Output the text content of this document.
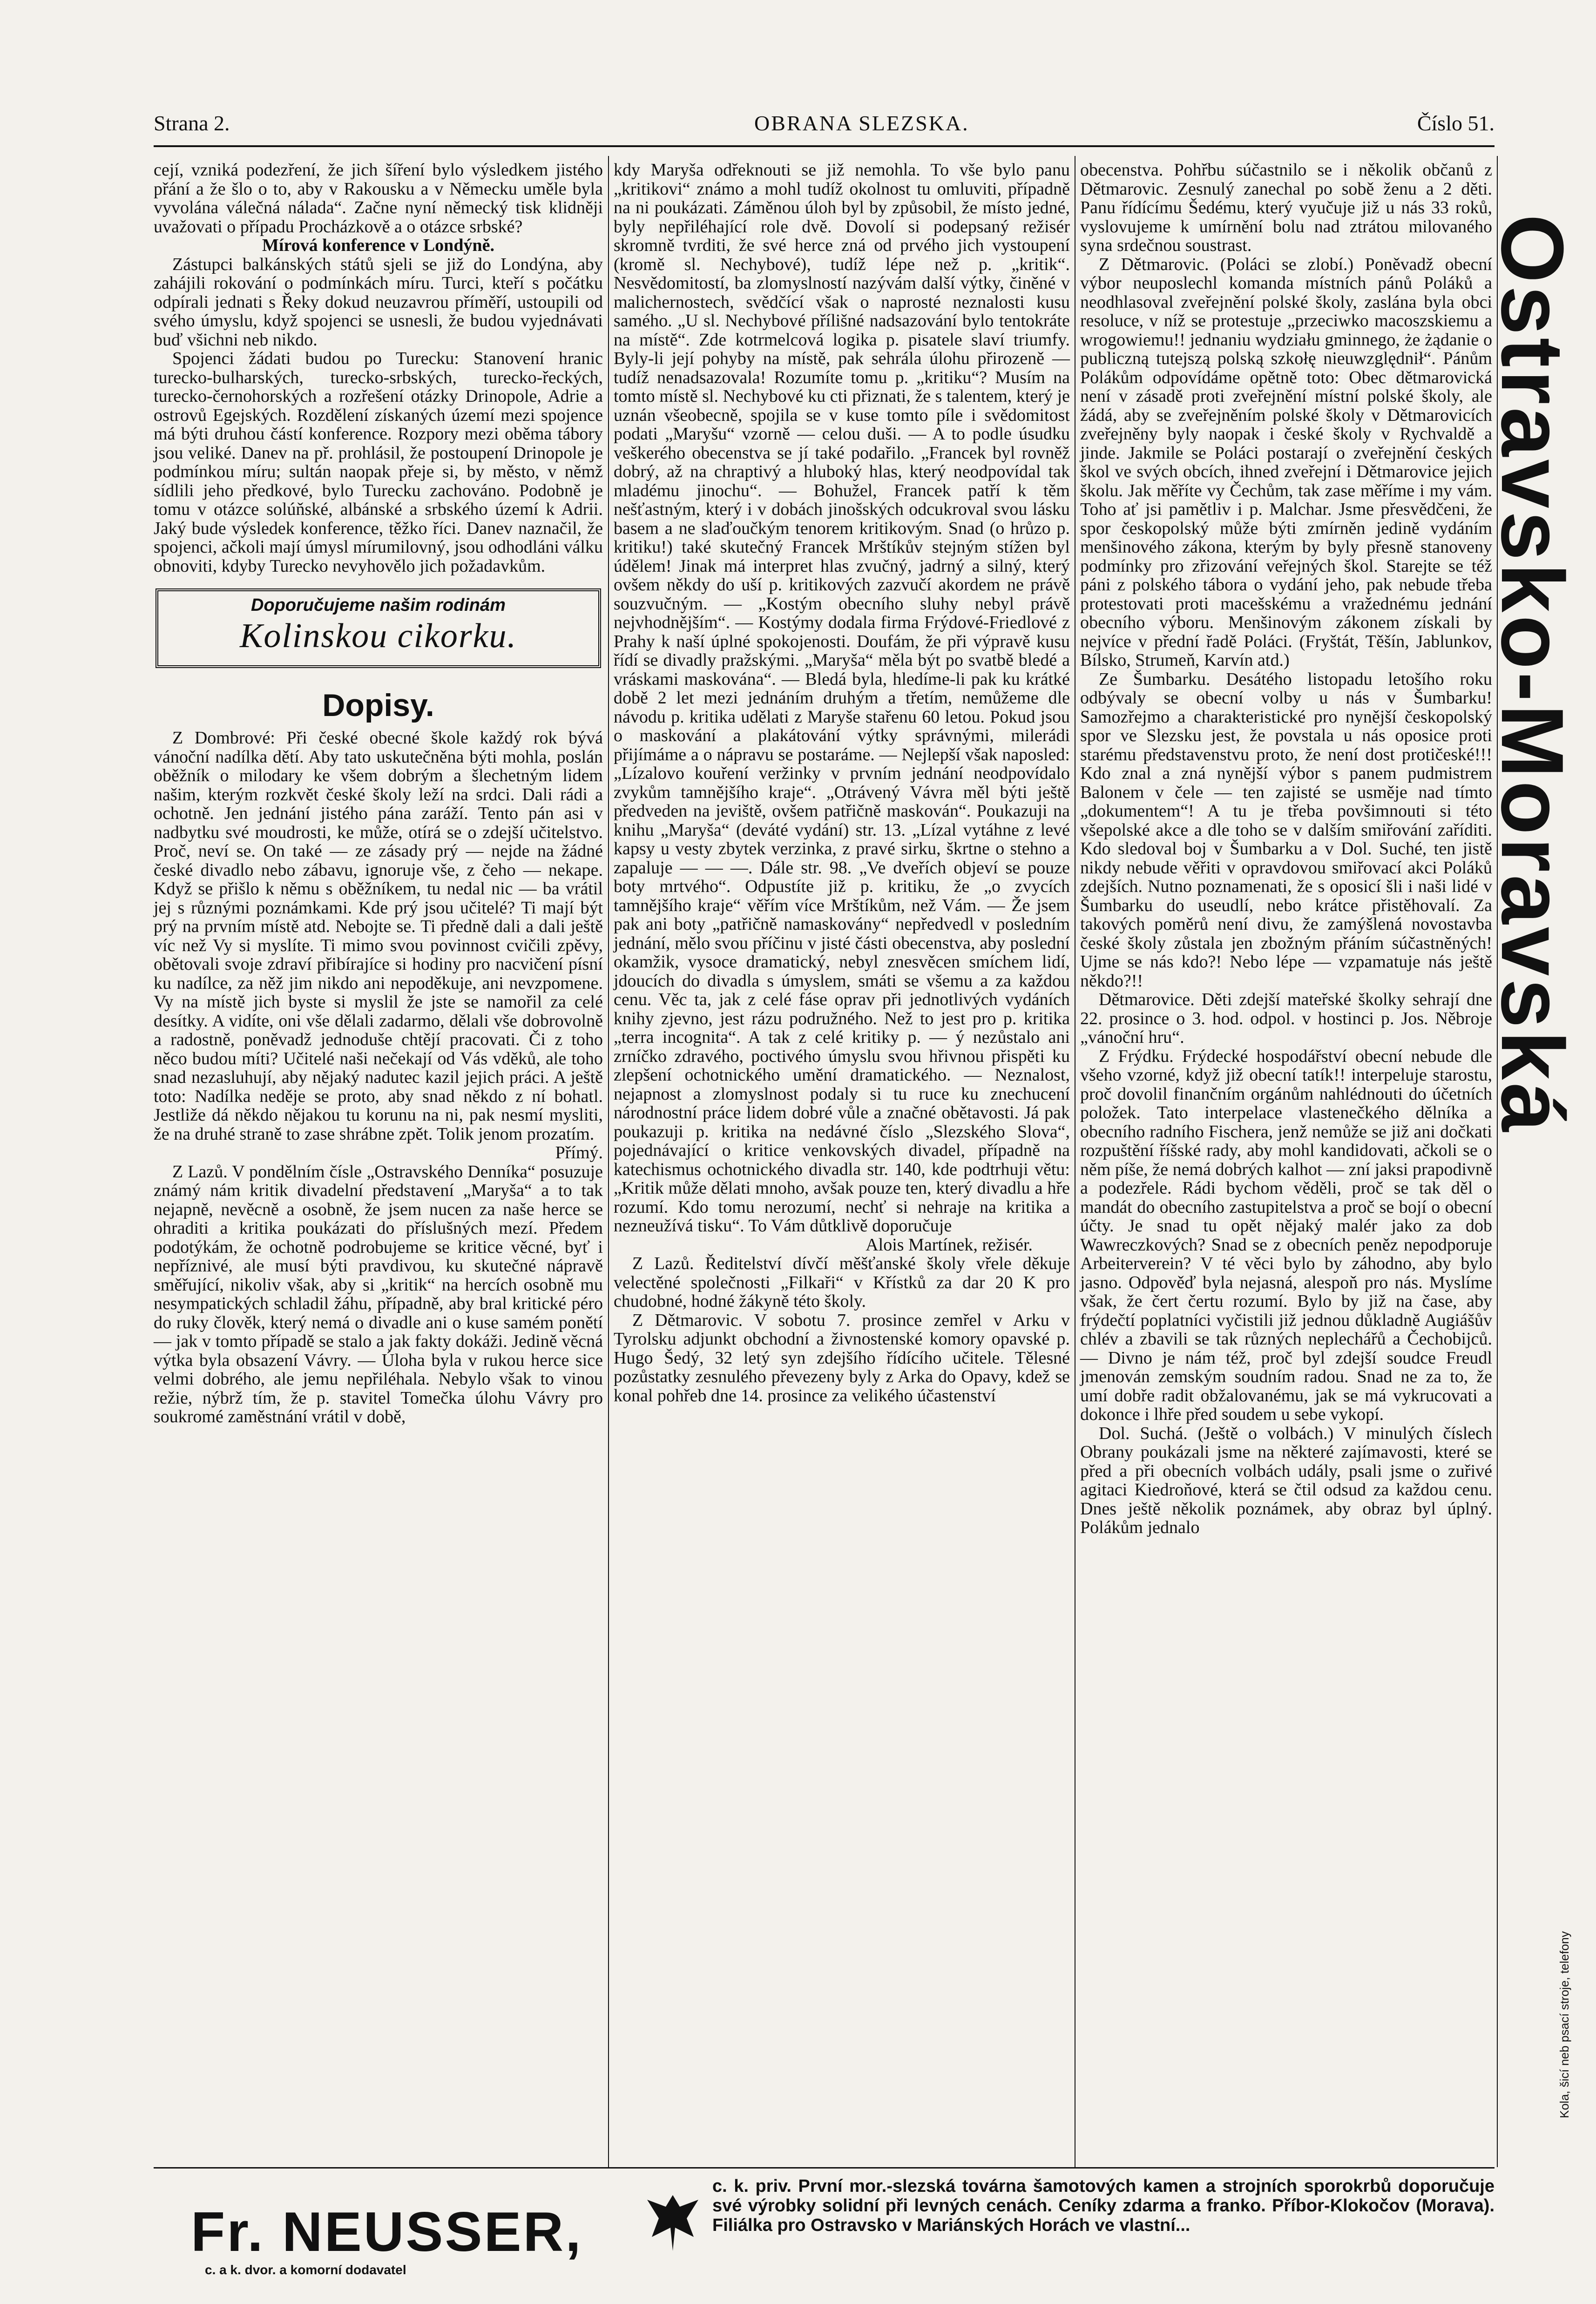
Strana 2.	OBRANA SLEZSKA.	Číslo 51.

cejí, vzniká podezření, že jich šíření bylo výsledkem jistého přání a že šlo o to, aby v Rakousku a v Německu uměle byla vyvolána válečná nálada“. Začne nyní německý tisk klidněji uvažovati o případu Procházkově a o otázce srbské?

Mírová konference v Londýně.

Zástupci balkánských států sjeli se již do Londýna, aby zahájili rokování o podmínkách míru. Turci, kteří s počátku odpírali jednati s Řeky dokud neuzavrou příměří, ustoupili od svého úmyslu, když spojenci se usnesli, že budou vyjednávati buď všichni neb nikdo.

Spojenci žádati budou po Turecku: Stanovení hranic turecko-bulharských, turecko-srbských, turecko-řeckých, turecko-černohorských a rozřešení otázky Drinopole, Adrie a ostrovů Egejských. Rozdělení získaných území mezi spojence má býti druhou částí konference. Rozpory mezi oběma tábory jsou veliké. Danev na př. prohlásil, že postoupení Drinopole je podmínkou míru; sultán naopak přeje si, by město, v němž sídlili jeho předkové, bylo Turecku zachováno. Podobně je tomu v otázce solúňské, albánské a srbského území k Adrii. Jaký bude výsledek konference, těžko říci. Danev naznačil, že spojenci, ačkoli mají úmysl mírumilovný, jsou odhodláni válku obnoviti, kdyby Turecko nevyhovělo jich požadavkům.

Doporučujeme našim rodinám
Kolinskou cikorku.
Dopisy.

Z Dombrové: Při české obecné škole každý rok bývá vánoční nadílka dětí. Aby tato uskutečněna býti mohla, poslán oběžník o milodary ke všem dobrým a šlechetným lidem našim, kterým rozkvět české školy leží na srdci. Dali rádi a ochotně. Jen jednání jistého pána zaráží. Tento pán asi v nadbytku své moudrosti, ke může, otírá se o zdejší učitelstvo. Proč, neví se. On také — ze zásady prý — nejde na žádné české divadlo nebo zábavu, ignoruje vše, z čeho — nekape. Když se přišlo k němu s oběžníkem, tu nedal nic — ba vrátil jej s různými poznámkami. Kde prý jsou učitelé? Ti mají být prý na prvním místě atd. Nebojte se. Ti předně dali a dali ještě víc než Vy si myslíte. Ti mimo svou povinnost cvičili zpěvy, obětovali svoje zdraví přibírajíce si hodiny pro nacvičení písní ku nadílce, za něž jim nikdo ani nepoděkuje, ani nevzpomene. Vy na místě jich byste si myslil že jste se namořil za celé desítky. A vidíte, oni vše dělali zadarmo, dělali vše dobrovolně a radostně, poněvadž jednoduše chtějí pracovati. Či z toho něco budou míti? Učitelé naši nečekají od Vás vděků, ale toho snad nezasluhují, aby nějaký nadutec kazil jejich práci. A ještě toto: Nadílka neděje se proto, aby snad někdo z ní bohatl. Jestliže dá někdo nějakou tu korunu na ni, pak nesmí mysliti, že na druhé straně to zase shrábne zpět. Tolik jenom prozatím.

Přímý.

Z Lazů. V pondělním čísle „Ostravského Denníka“ posuzuje známý nám kritik divadelní představení „Maryša“ a to tak nejapně, nevěcně a osobně, že jsem nucen za naše herce se ohraditi a kritika poukázati do příslušných mezí. Předem podotýkám, že ochotně podrobujeme se kritice věcné, byť i nepříznivé, ale musí býti pravdivou, ku skutečné nápravě směřující, nikoliv však, aby si „kritik“ na hercích osobně mu nesympatických schladil žáhu, případně, aby bral kritické péro do ruky člověk, který nemá o divadle ani o kuse samém ponětí — jak v tomto případě se stalo a jak fakty dokáži. Jedině věcná výtka byla obsazení Vávry. — Úloha byla v rukou herce sice velmi dobrého, ale jemu nepřiléhala. Nebylo však to vinou režie, nýbrž tím, že p. stavitel Tomečka úlohu Vávry pro soukromé zaměstnání vrátil v době,

kdy Maryša odřeknouti se již nemohla. To vše bylo panu „kritikovi“ známo a mohl tudíž okolnost tu omluviti, případně na ni poukázati. Záměnou úloh byl by způsobil, že místo jedné, byly nepřiléhající role dvě. Dovolí si podepsaný režisér skromně tvrditi, že své herce zná od prvého jich vystoupení (kromě sl. Nechybové), tudíž lépe než p. „kritik“. Nesvědomitostí, ba zlomyslností nazývám další výtky, činěné v malichernostech, svědčící však o naprosté neznalosti kusu samého. „U sl. Nechybové přílišné nadsazování bylo tentokráte na místě“. Zde kotrmelcová logika p. pisatele slaví triumfy. Byly-li její pohyby na místě, pak sehrála úlohu přirozeně — tudíž nenadsazovala! Rozumíte tomu p. „kritiku“? Musím na tomto místě sl. Nechybové ku cti přiznati, že s talentem, který je uznán všeobecně, spojila se v kuse tomto píle i svědomitost podati „Maryšu“ vzorně — celou duši. — A to podle úsudku veškerého obecenstva se jí také podařilo. „Francek byl rovněž dobrý, až na chraptivý a hluboký hlas, který neodpovídal tak mladému jinochu“. — Bohužel, Francek patří k těm nešťastným, který i v dobách jinošských odcukroval svou lásku basem a ne slaďoučkým tenorem kritikovým. Snad (o hrůzo p. kritiku!) také skutečný Francek Mrštíkův stejným stížen byl údělem! Jinak má interpret hlas zvučný, jadrný a silný, který ovšem někdy do uší p. kritikových zazvučí akordem ne právě souzvučným. — „Kostým obecního sluhy nebyl právě nejvhodnějším“. — Kostýmy dodala firma Frýdové-Friedlové z Prahy k naší úplné spokojenosti. Doufám, že při výpravě kusu řídí se divadly pražskými. „Maryša“ měla být po svatbě bledé a vráskami maskována“. — Bledá byla, hledíme-li pak ku krátké době 2 let mezi jednáním druhým a třetím, nemůžeme dle návodu p. kritika udělati z Maryše stařenu 60 letou. Pokud jsou o maskování a plakátování výtky správnými, milerádi přijímáme a o nápravu se postaráme. — Nejlepší však naposled: „Lízalovo kouření veržinky v prvním jednání neodpovídalo zvykům tamnějšího kraje“. „Otrávený Vávra měl býti ještě předveden na jeviště, ovšem patřičně maskován“. Poukazuji na knihu „Maryša“ (deváté vydání) str. 13. „Lízal vytáhne z levé kapsy u vesty zbytek verzinka, z pravé sirku, škrtne o stehno a zapaluje — — —. Dále str. 98. „Ve dveřích objeví se pouze boty mrtvého“. Odpustíte již p. kritiku, že „o zvycích tamnějšího kraje“ věřím více Mrštíkům, než Vám. — Že jsem pak ani boty „patřičně namaskovány“ nepředvedl v posledním jednání, mělo svou příčinu v jisté části obecenstva, aby poslední okamžik, vysoce dramatický, nebyl znesvěcen smíchem lidí, jdoucích do divadla s úmyslem, smáti se všemu a za každou cenu. Věc ta, jak z celé fáse oprav při jednotlivých vydáních knihy zjevno, jest rázu podružného. Než to jest pro p. kritika „terra incognita“. A tak z celé kritiky p. — ý nezůstalo ani zrníčko zdravého, poctivého úmyslu svou hřivnou přispěti ku zlepšení ochotnického umění dramatického. — Neznalost, nejapnost a zlomyslnost podaly si tu ruce ku znechucení národnostní práce lidem dobré vůle a značné obětavosti. Já pak poukazuji p. kritika na nedávné číslo „Slezského Slova“, pojednávající o kritice venkovských divadel, případně na katechismus ochotnického divadla str. 140, kde podtrhuji větu: „Kritik může dělati mnoho, avšak pouze ten, který divadlu a hře rozumí. Kdo tomu nerozumí, nechť si nehraje na kritika a nezneužívá tisku“. To Vám důtklivě doporučuje

Alois Martínek, režisér.

Z Lazů. Ředitelství dívčí měšťanské školy vřele děkuje velectěné společnosti „Filkaři“ v Křístků za dar 20 K pro chudobné, hodné žákyně této školy.

Z Dětmarovic. V sobotu 7. prosince zemřel v Arku v Tyrolsku adjunkt obchodní a živnostenské komory opavské p. Hugo Šedý, 32 letý syn zdejšího řídícího učitele. Tělesné pozůstatky zesnulého převezeny byly z Arka do Opavy, kdež se konal pohřeb dne 14. prosince za velikého účastenství

obecenstva. Pohřbu súčastnilo se i několik občanů z Dětmarovic. Zesnulý zanechal po sobě ženu a 2 děti. Panu řídícímu Šedému, který vyučuje již u nás 33 roků, vyslovujeme k umírnění bolu nad ztrátou milovaného syna srdečnou soustrast.

Z Dětmarovic. (Poláci se zlobí.) Poněvadž obecní výbor neuposlechl komanda místních pánů Poláků a neodhlasoval zveřejnění polské školy, zaslána byla obci resoluce, v níž se protestuje „przeciwko macoszskiemu a wrogowiemu!! jednaniu wydziału gminnego, że żądanie o publiczną tutejszą polską szkołę nieuwzględnił“. Pánům Polákům odpovídáme opětně toto: Obec dětmarovická není v zásadě proti zveřejnění místní polské školy, ale žádá, aby se zveřejněním polské školy v Dětmarovicích zveřejněny byly naopak i české školy v Rychvaldě a jinde. Jakmile se Poláci postarají o zveřejnění českých škol ve svých obcích, ihned zveřejní i Dětmarovice jejich školu. Jak měříte vy Čechům, tak zase měříme i my vám. Toho ať jsi pamětliv i p. Malchar. Jsme přesvědčeni, že spor českopolský může býti zmírněn jedině vydáním menšinového zákona, kterým by byly přesně stanoveny podmínky pro zřizování veřejných škol. Starejte se též páni z polského tábora o vydání jeho, pak nebude třeba protestovati proti macešskému a vražednému jednání obecního výboru. Menšinovým zákonem získali by nejvíce v přední řadě Poláci. (Fryštát, Těšín, Jablunkov, Bílsko, Strumeň, Karvín atd.)

Ze Šumbarku. Desátého listopadu letošího roku odbývaly se obecní volby u nás v Šumbarku! Samozřejmo a charakteristické pro nynější českopolský spor ve Slezsku jest, že povstala u nás oposice proti starému představenstvu proto, že není dost protičeské!!! Kdo znal a zná nynější výbor s panem pudmistrem Balonem v čele — ten zajisté se usměje nad tímto „dokumentem“! A tu je třeba povšimnouti si této všepolské akce a dle toho se v dalším smiřování zaříditi. Kdo sledoval boj v Šumbarku a v Dol. Suché, ten jistě nikdy nebude věřiti v opravdovou smiřovací akci Poláků zdejších. Nutno poznamenati, že s oposicí šli i naši lidé v Šumbarku do useudlí, nebo krátce přistěhovalí. Za takových poměrů není divu, že zamýšlená novostavba české školy zůstala jen zbožným přáním súčastněných! Ujme se nás kdo?! Nebo lépe — vzpamatuje nás ještě někdo?!!

Dětmarovice. Děti zdejší mateřské školky sehrají dne 22. prosince o 3. hod. odpol. v hostinci p. Jos. Něbroje „vánoční hru“.

Z Frýdku. Frýdecké hospodářství obecní nebude dle všeho vzorné, když již obecní tatík!! interpeluje starostu, proč dovolil finančním orgánům nahlédnouti do účetních položek. Tato interpelace vlastenečkého dělníka a obecního radního Fischera, jenž nemůže se již ani dočkati rozpuštění říšské rady, aby mohl kandidovati, ačkoli se o něm píše, že nemá dobrých kalhot — zní jaksi prapodivně a podezřele. Rádi bychom věděli, proč se tak děl o mandát do obecního zastupitelstva a proč se bojí o obecní účty. Je snad tu opět nějaký malér jako za dob Wawreczkových? Snad se z obecních peněz nepodporuje Arbeiterverein? V té věci bylo by záhodno, aby bylo jasno. Odpověď byla nejasná, alespoň pro nás. Myslíme však, že čert čertu rozumí. Bylo by již na čase, aby frýdečtí poplatníci vyčistili již jednou důkladně Augiášův chlév a zbavili se tak různých neplechářů a Čechobijců. — Divno je nám též, proč byl zdejší soudce Freudl jmenován zemským soudním radou. Snad ne za to, že umí dobře radit obžalovanému, jak se má vykrucovati a dokonce i lhře před soudem u sebe vykopí.

Dol. Suchá. (Ještě o volbách.) V minulých číslech Obrany poukázali jsme na některé zajímavosti, které se před a při obecních volbách udály, psali jsme o zuřivé agitaci Kiedroňové, která se čtil odsud za každou cenu. Dnes ještě několik poznámek, aby obraz byl úplný. Polákům jednalo

Ostravsko-Moravská
Kola, šicí neb psací stroje, telefony
Fr. NEUSSER,
c. a k. dvor. a komorní dodavatel
c. k. priv. První mor.-slezská továrna šamotových kamen a strojních sporokrbů doporučuje své výrobky solidní při levných cenách. Ceníky zdarma a franko. Příbor-Klokočov (Morava). Filiálka pro Ostravsko v Mariánských Horách ve vlastní...
